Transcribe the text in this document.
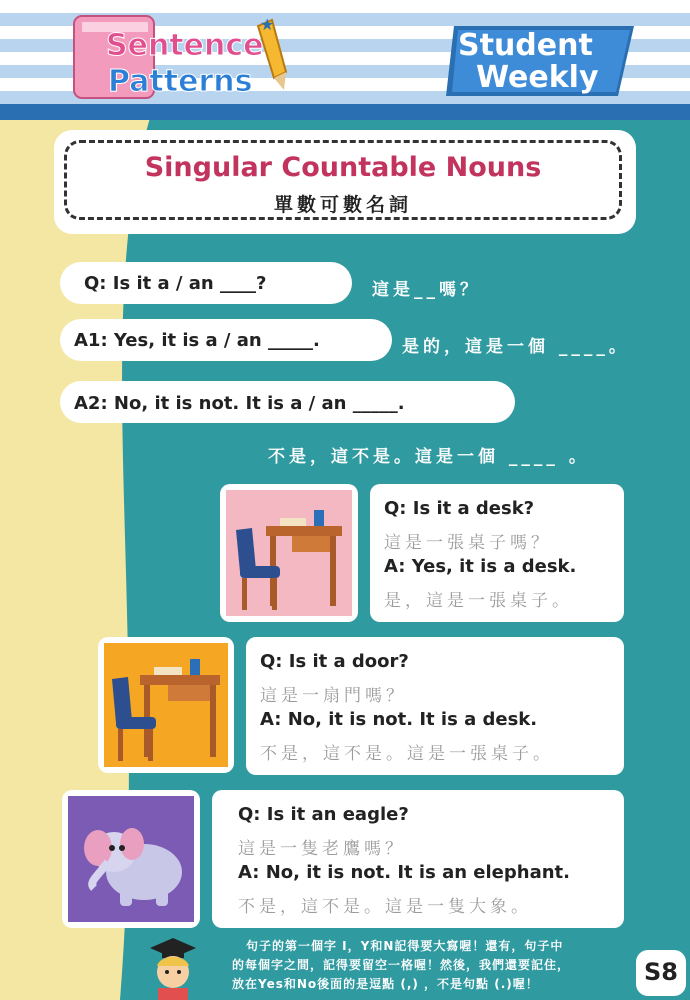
★
Sentence
Patterns
Student
Weekly
Singular Countable Nouns
單數可數名詞
Q: Is it a / an ____?	這是__嗎？
A1: Yes, it is a / an _____.	是的，這是一個 ____。
A2: No, it is not. It is a / an _____.
不是，這不是。這是一個 ____ 。
Q: Is it a desk?
這是一張桌子嗎？
A: Yes, it is a desk.
是，這是一張桌子。
Q: Is it a door?
這是一扇門嗎？
A: No, it is not. It is a desk.
不是，這不是。這是一張桌子。
Q: Is it an eagle?
這是一隻老鷹嗎？
A: No, it is not. It is an elephant.
不是，這不是。這是一隻大象。
句子的第一個字 I，Y和N記得要大寫喔！還有，句子中
的每個字之間，記得要留空一格喔！然後，我們還要記住，
放在Yes和No後面的是逗點 (,) ，不是句點 (.)喔！	S8
